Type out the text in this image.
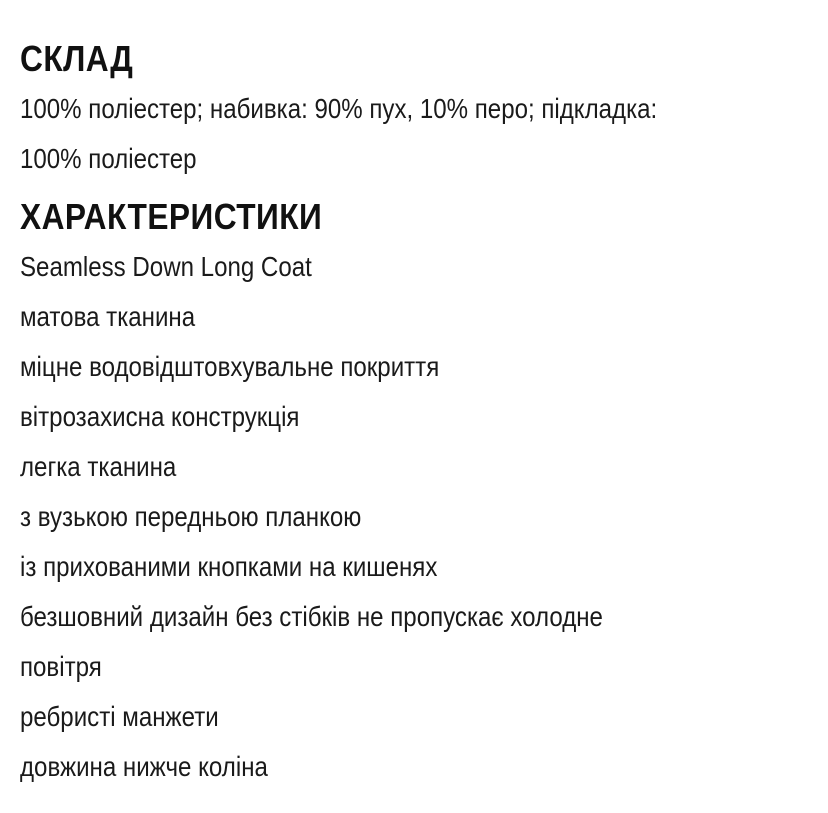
СКЛАД

100% поліестер; набивка: 90% пух, 10% перо; підкладка:

100% поліестер

ХАРАКТЕРИСТИКИ
Seamless Down Long Coat
матова тканина
міцне водовідштовхувальне покриття
вітрозахисна конструкція
легка тканина
з вузькою передньою планкою
із прихованими кнопками на кишенях
безшовний дизайн без стібків не пропускає холодне
повітря
ребристі манжети
довжина нижче коліна
